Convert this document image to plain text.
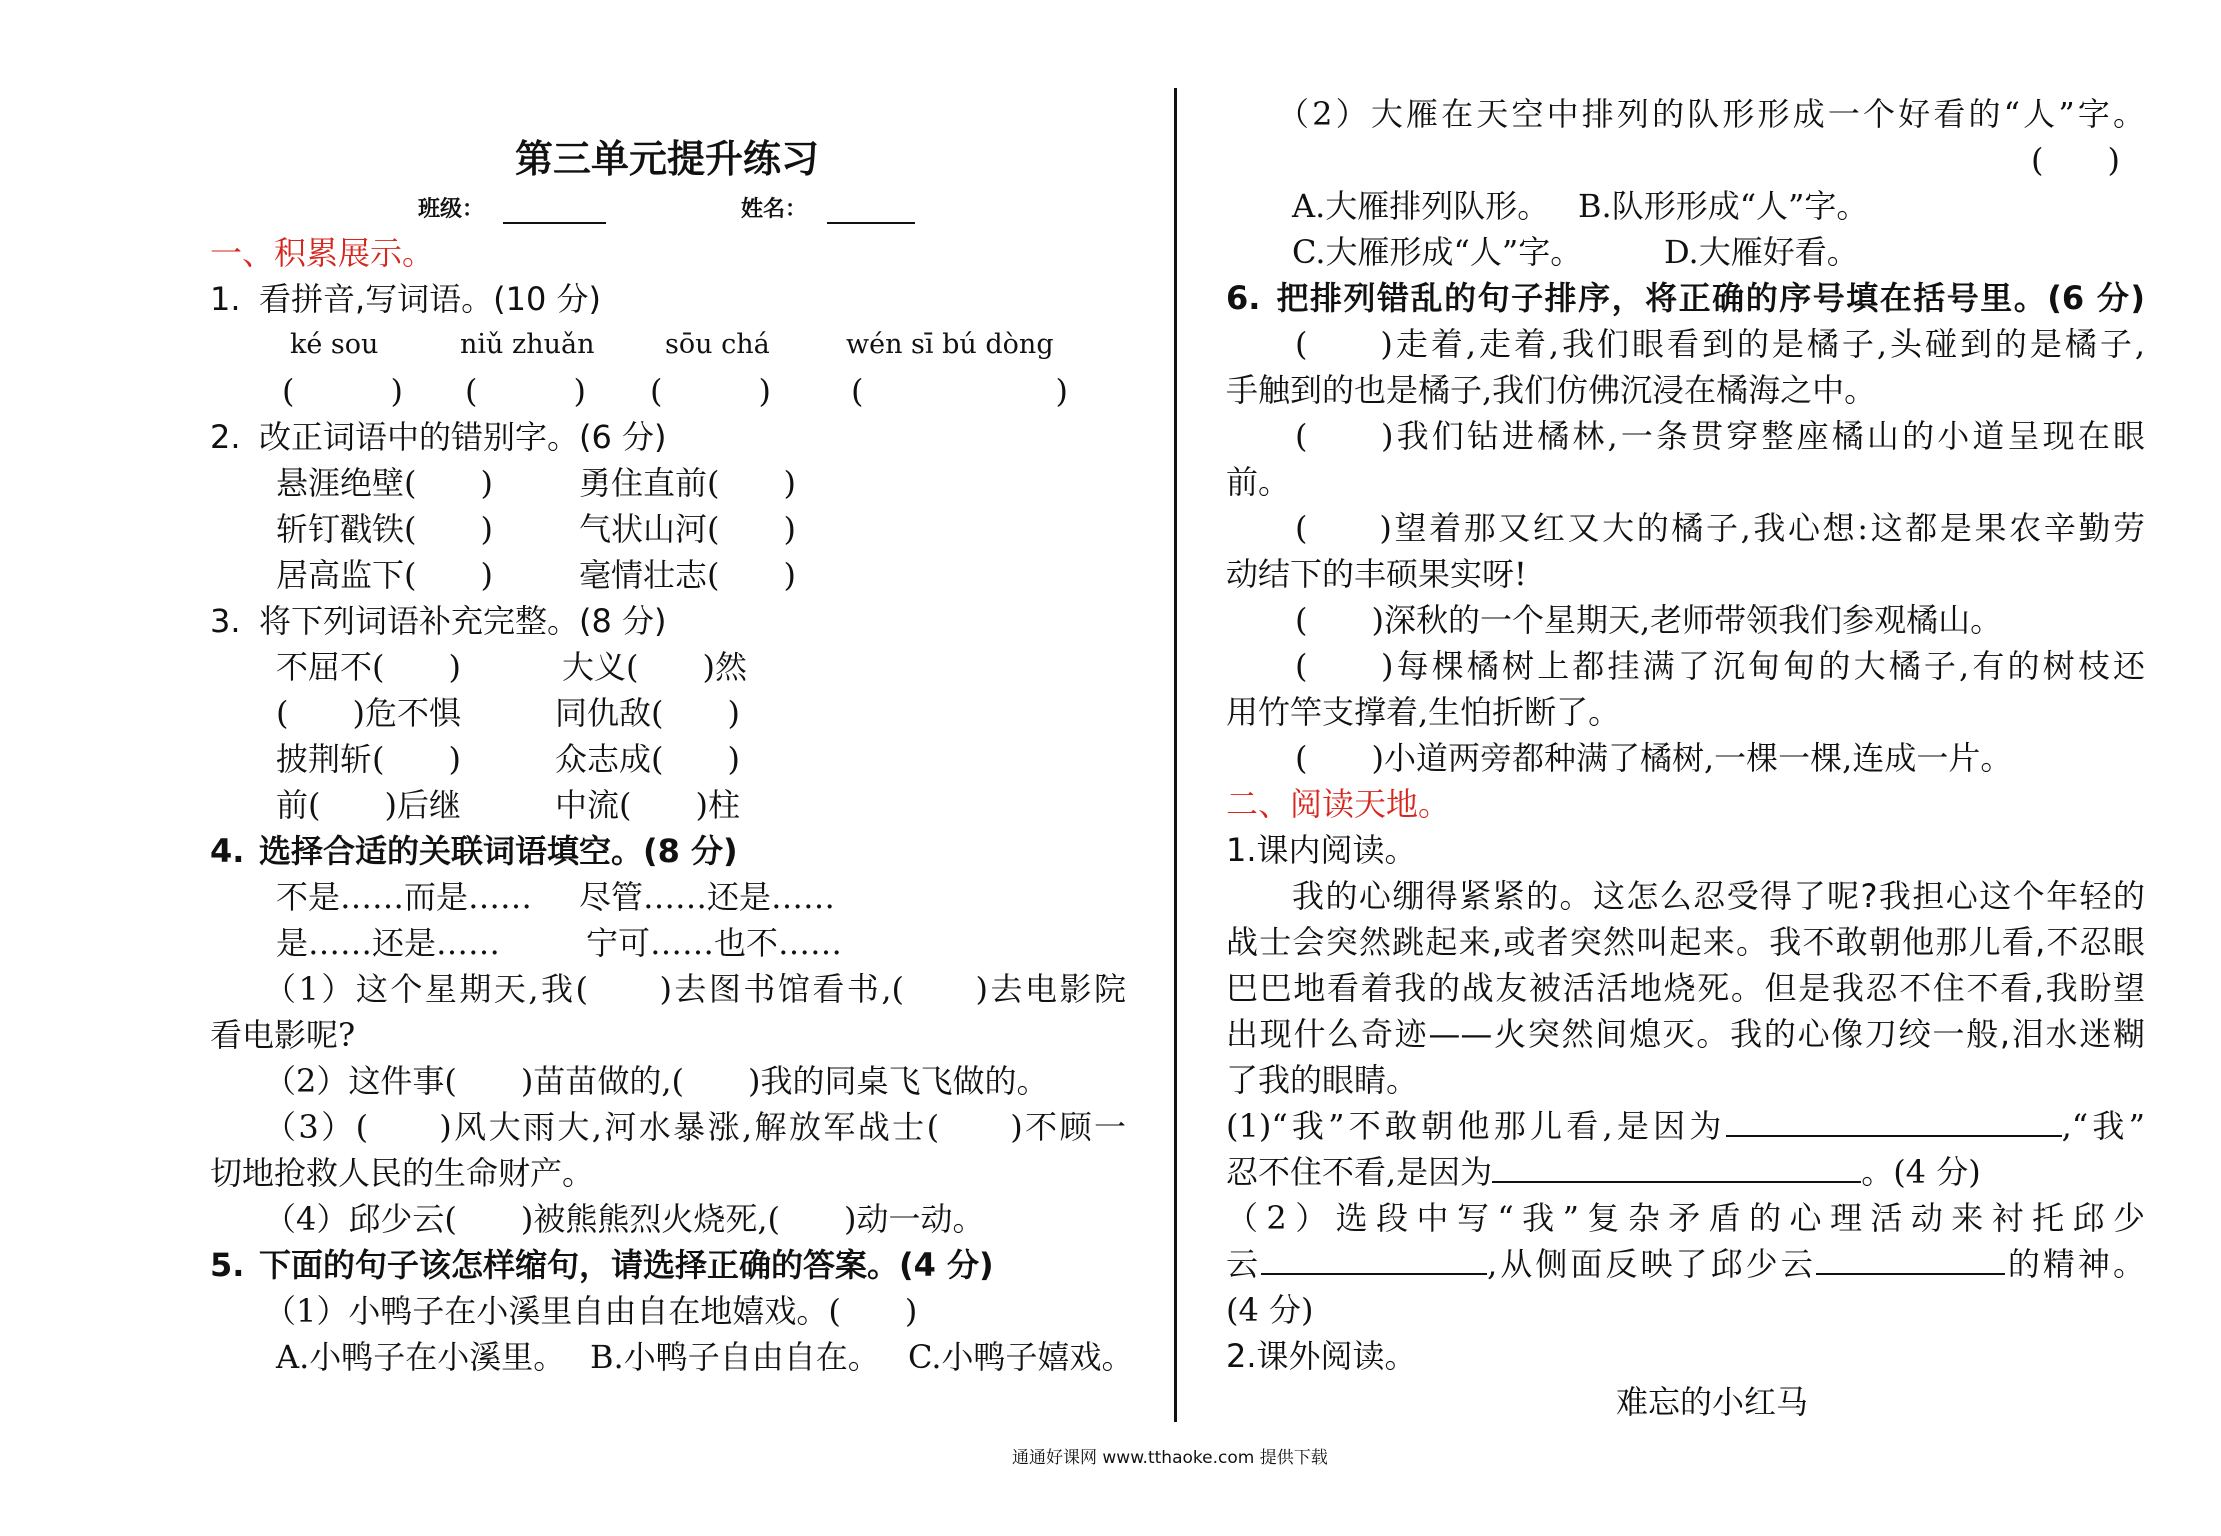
第三单元提升练习
班级：	姓名：
一、积累展示。
1. 看拼音,写词语。(10 分)
ké sou	niǔ zhuǎn	sōu chá	wén sī bú dòng
(　　　) (　　　) (　　　)	(　　　　　　)
2. 改正词语中的错别字。(6 分)
悬涯绝壁(　　)	勇住直前(　　)
斩钉戳铁(　　)	气状山河(　　)
居高监下(　　)	毫情壮志(　　)
3. 将下列词语补充完整。(8 分)
不屈不(　　)	大义(　　)然
(　　)危不惧	同仇敌(　　)
披荆斩(　　)	众志成(　　)
前(　　)后继	中流(　　)柱
4. 选择合适的关联词语填空。(8 分)
不是……而是…… 尽管……还是……
是……还是……	宁可……也不……
（1）这个星期天,我(　　)去图书馆看书,(　　)去电影院
看电影呢?
（2）这件事(　　)苗苗做的,(　　)我的同桌飞飞做的。
（3）(　　)风大雨大,河水暴涨,解放军战士(　　)不顾一
切地抢救人民的生命财产。
（4）邱少云(　　)被熊熊烈火烧死,(　　)动一动。
5. 下面的句子该怎样缩句，请选择正确的答案。(4 分)
（1）小鸭子在小溪里自由自在地嬉戏。(　　)
A.小鸭子在小溪里。 B.小鸭子自由自在。 C.小鸭子嬉戏。
（2）大雁在天空中排列的队形形成一个好看的“人”字。
(　　)
A.大雁排列队形。 B.队形形成“人”字。
C.大雁形成“人”字。	D.大雁好看。
6. 把排列错乱的句子排序，将正确的序号填在括号里。(6 分)
(　　)走着,走着,我们眼看到的是橘子,头碰到的是橘子,
手触到的也是橘子,我们仿佛沉浸在橘海之中。
(　　)我们钻进橘林,一条贯穿整座橘山的小道呈现在眼
前。
(　　)望着那又红又大的橘子,我心想:这都是果农辛勤劳
动结下的丰硕果实呀!
(　　)深秋的一个星期天,老师带领我们参观橘山。
(　　)每棵橘树上都挂满了沉甸甸的大橘子,有的树枝还
用竹竿支撑着,生怕折断了。
(　　)小道两旁都种满了橘树,一棵一棵,连成一片。
二、阅读天地。
1.课内阅读。
我的心绷得紧紧的。这怎么忍受得了呢?我担心这个年轻的
战士会突然跳起来,或者突然叫起来。我不敢朝他那儿看,不忍眼
巴巴地看着我的战友被活活地烧死。但是我忍不住不看,我盼望
出现什么奇迹——火突然间熄灭。我的心像刀绞一般,泪水迷糊
了我的眼睛。
(1)“我”不敢朝他那儿看,是因为	,“我”
忍不住不看,是因为	。(4 分)
（2）选段中写“我”复杂矛盾的心理活动来衬托邱少
云	,从侧面反映了邱少云	的精神。
(4 分)
2.课外阅读。
难忘的小红马
通通好课网 www.tthaoke.com 提供下载
